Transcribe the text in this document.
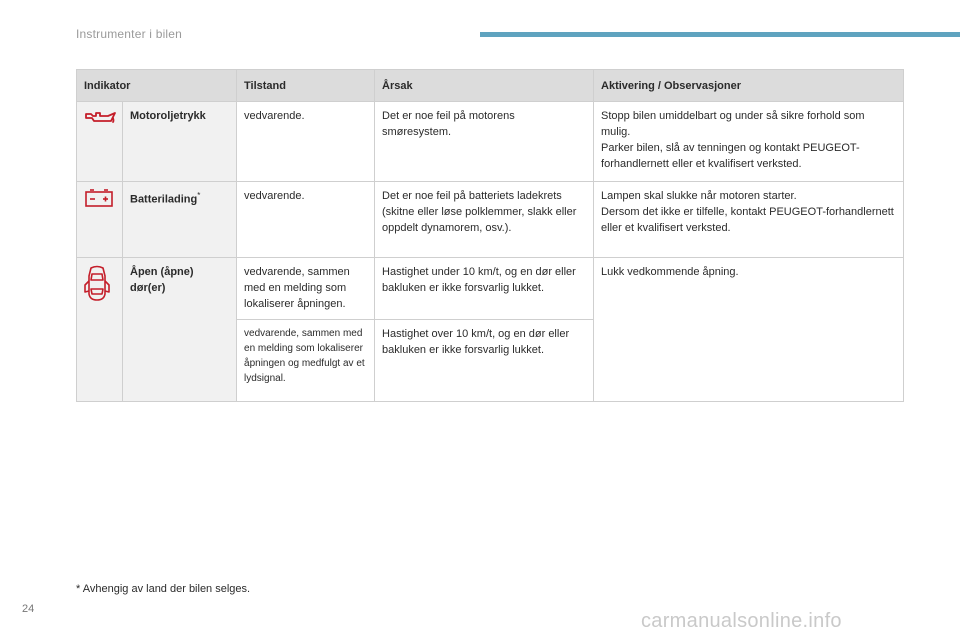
Instrumenter i bilen
Indikator		Tilstand	Årsak	Aktivering / Observasjoner
	Motoroljetrykk	vedvarende.	Det er noe feil på motorens smøresystem.	Stopp bilen umiddelbart og under så sikre forhold som mulig.
Parker bilen, slå av tenningen og kontakt PEUGEOT-forhandlernett eller et kvalifisert verksted.

	Batterilading*	vedvarende.	Det er noe feil på batteriets ladekrets (skitne eller løse polklemmer, slakk eller oppdelt dynamorem, osv.).	Lampen skal slukke når motoren starter.
Dersom det ikke er tilfelle, kontakt PEUGEOT-forhandlernett eller et kvalifisert verksted.

	Åpen (åpne) dør(er)	vedvarende, sammen med en melding som lokaliserer åpningen.	Hastighet under 10 km/t, og en dør eller bakluken er ikke forsvarlig lukket.	Lukk vedkommende åpning.

		vedvarende, sammen med en melding som lokaliserer åpningen og medfulgt av et lydsignal.	Hastighet over 10 km/t, og en dør eller bakluken er ikke forsvarlig lukket.	
* Avhengig av land der bilen selges.
24
carmanualsonline.info
